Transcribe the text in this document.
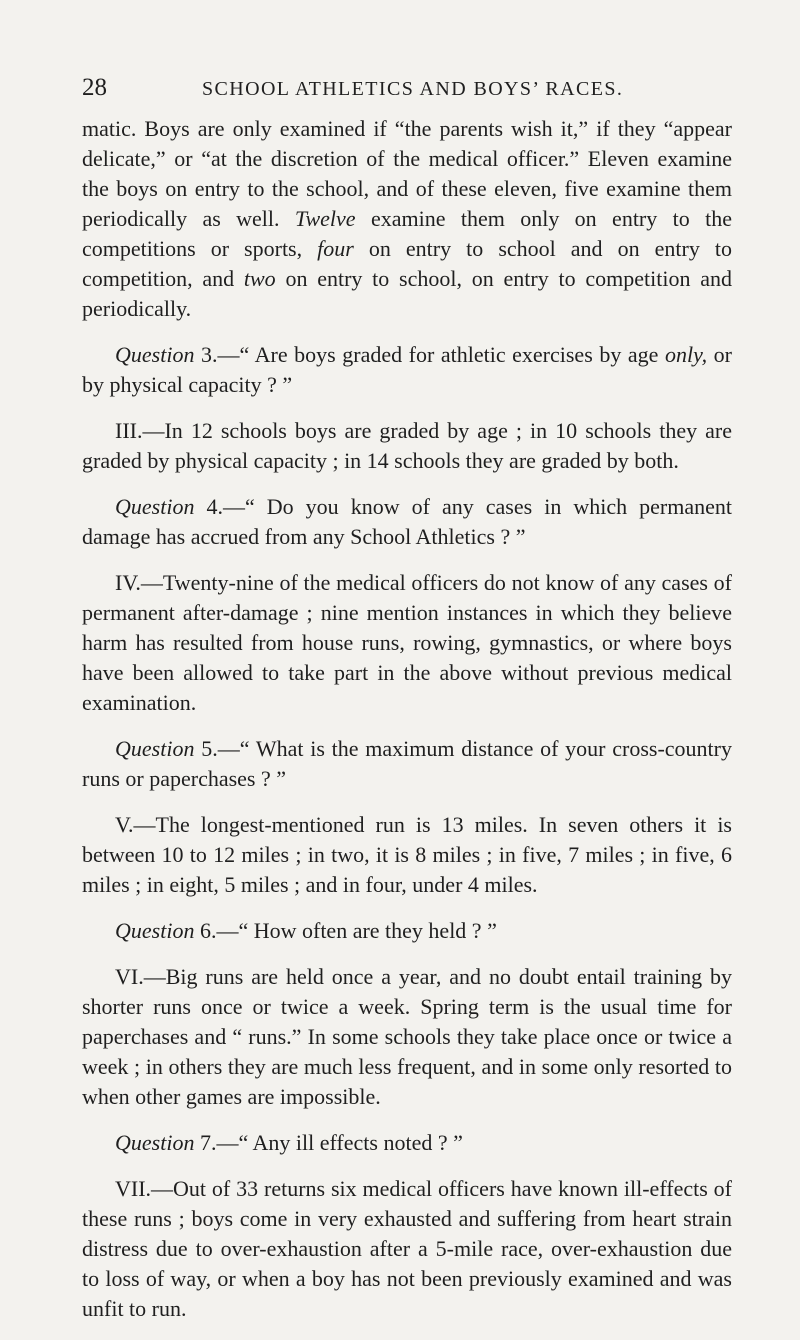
28	SCHOOL ATHLETICS AND BOYS’ RACES.

matic. Boys are only examined if “the parents wish it,” if they “appear delicate,” or “at the discretion of the medical officer.” Eleven examine the boys on entry to the school, and of these eleven, five examine them periodically as well. Twelve examine them only on entry to the competitions or sports, four on entry to school and on entry to competition, and two on entry to school, on entry to competition and periodically.

Question 3.—“ Are boys graded for athletic exercises by age only, or by physical capacity ? ”

III.—In 12 schools boys are graded by age ; in 10 schools they are graded by physical capacity ; in 14 schools they are graded by both.

Question 4.—“ Do you know of any cases in which permanent damage has accrued from any School Athletics ? ”

IV.—Twenty-nine of the medical officers do not know of any cases of permanent after-damage ; nine mention instances in which they believe harm has resulted from house runs, rowing, gymnastics, or where boys have been allowed to take part in the above without previous medical examination.

Question 5.—“ What is the maximum distance of your cross-country runs or paperchases ? ”

V.—The longest-mentioned run is 13 miles. In seven others it is between 10 to 12 miles ; in two, it is 8 miles ; in five, 7 miles ; in five, 6 miles ; in eight, 5 miles ; and in four, under 4 miles.

Question 6.—“ How often are they held ? ”

VI.—Big runs are held once a year, and no doubt entail training by shorter runs once or twice a week. Spring term is the usual time for paperchases and “ runs.” In some schools they take place once or twice a week ; in others they are much less frequent, and in some only resorted to when other games are impossible.

Question 7.—“ Any ill effects noted ? ”

VII.—Out of 33 returns six medical officers have known ill-effects of these runs ; boys come in very exhausted and suffering from heart strain distress due to over-exhaustion after a 5-mile race, over-exhaustion due to loss of way, or when a boy has not been previously examined and was unfit to run.
